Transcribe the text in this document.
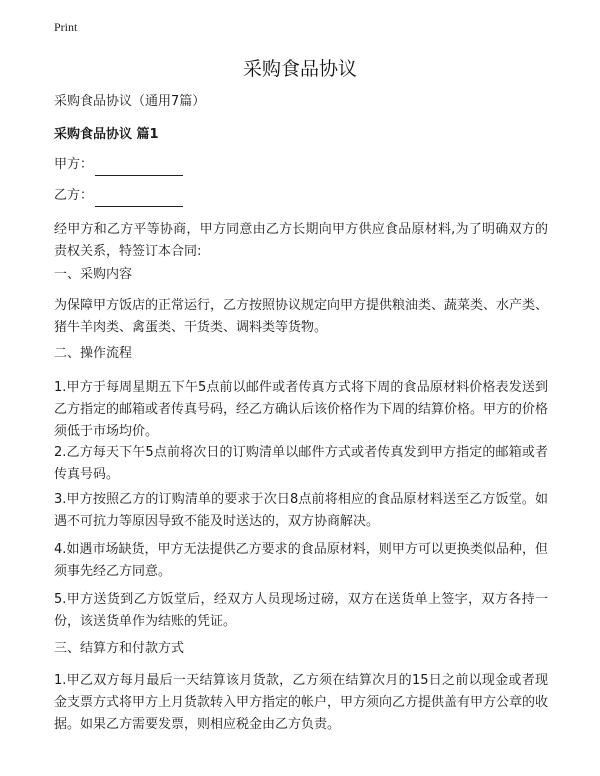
Print
采购食品协议

采购食品协议（通用7篇）

采购食品协议 篇1

甲方：

乙方：

经甲方和乙方平等协商，甲方同意由乙方长期向甲方供应食品原材料,为了明确双方的责权关系，特签订本合同:

一、采购内容

为保障甲方饭店的正常运行，乙方按照协议规定向甲方提供粮油类、蔬菜类、水产类、猪牛羊肉类、禽蛋类、干货类、调料类等货物。

二、操作流程

1.甲方于每周星期五下午5点前以邮件或者传真方式将下周的食品原材料价格表发送到乙方指定的邮箱或者传真号码，经乙方确认后该价格作为下周的结算价格。甲方的价格须低于市场均价。

2.乙方每天下午5点前将次日的订购清单以邮件方式或者传真发到甲方指定的邮箱或者传真号码。

3.甲方按照乙方的订购清单的要求于次日8点前将相应的食品原材料送至乙方饭堂。如遇不可抗力等原因导致不能及时送达的，双方协商解决。

4.如遇市场缺货，甲方无法提供乙方要求的食品原材料，则甲方可以更换类似品种，但须事先经乙方同意。

5.甲方送货到乙方饭堂后，经双方人员现场过磅，双方在送货单上签字，双方各持一份，该送货单作为结账的凭证。

三、结算方和付款方式

1.甲乙双方每月最后一天结算该月货款，乙方须在结算次月的15日之前以现金或者现金支票方式将甲方上月货款转入甲方指定的帐户，甲方须向乙方提供盖有甲方公章的收据。如果乙方需要发票，则相应税金由乙方负责。
